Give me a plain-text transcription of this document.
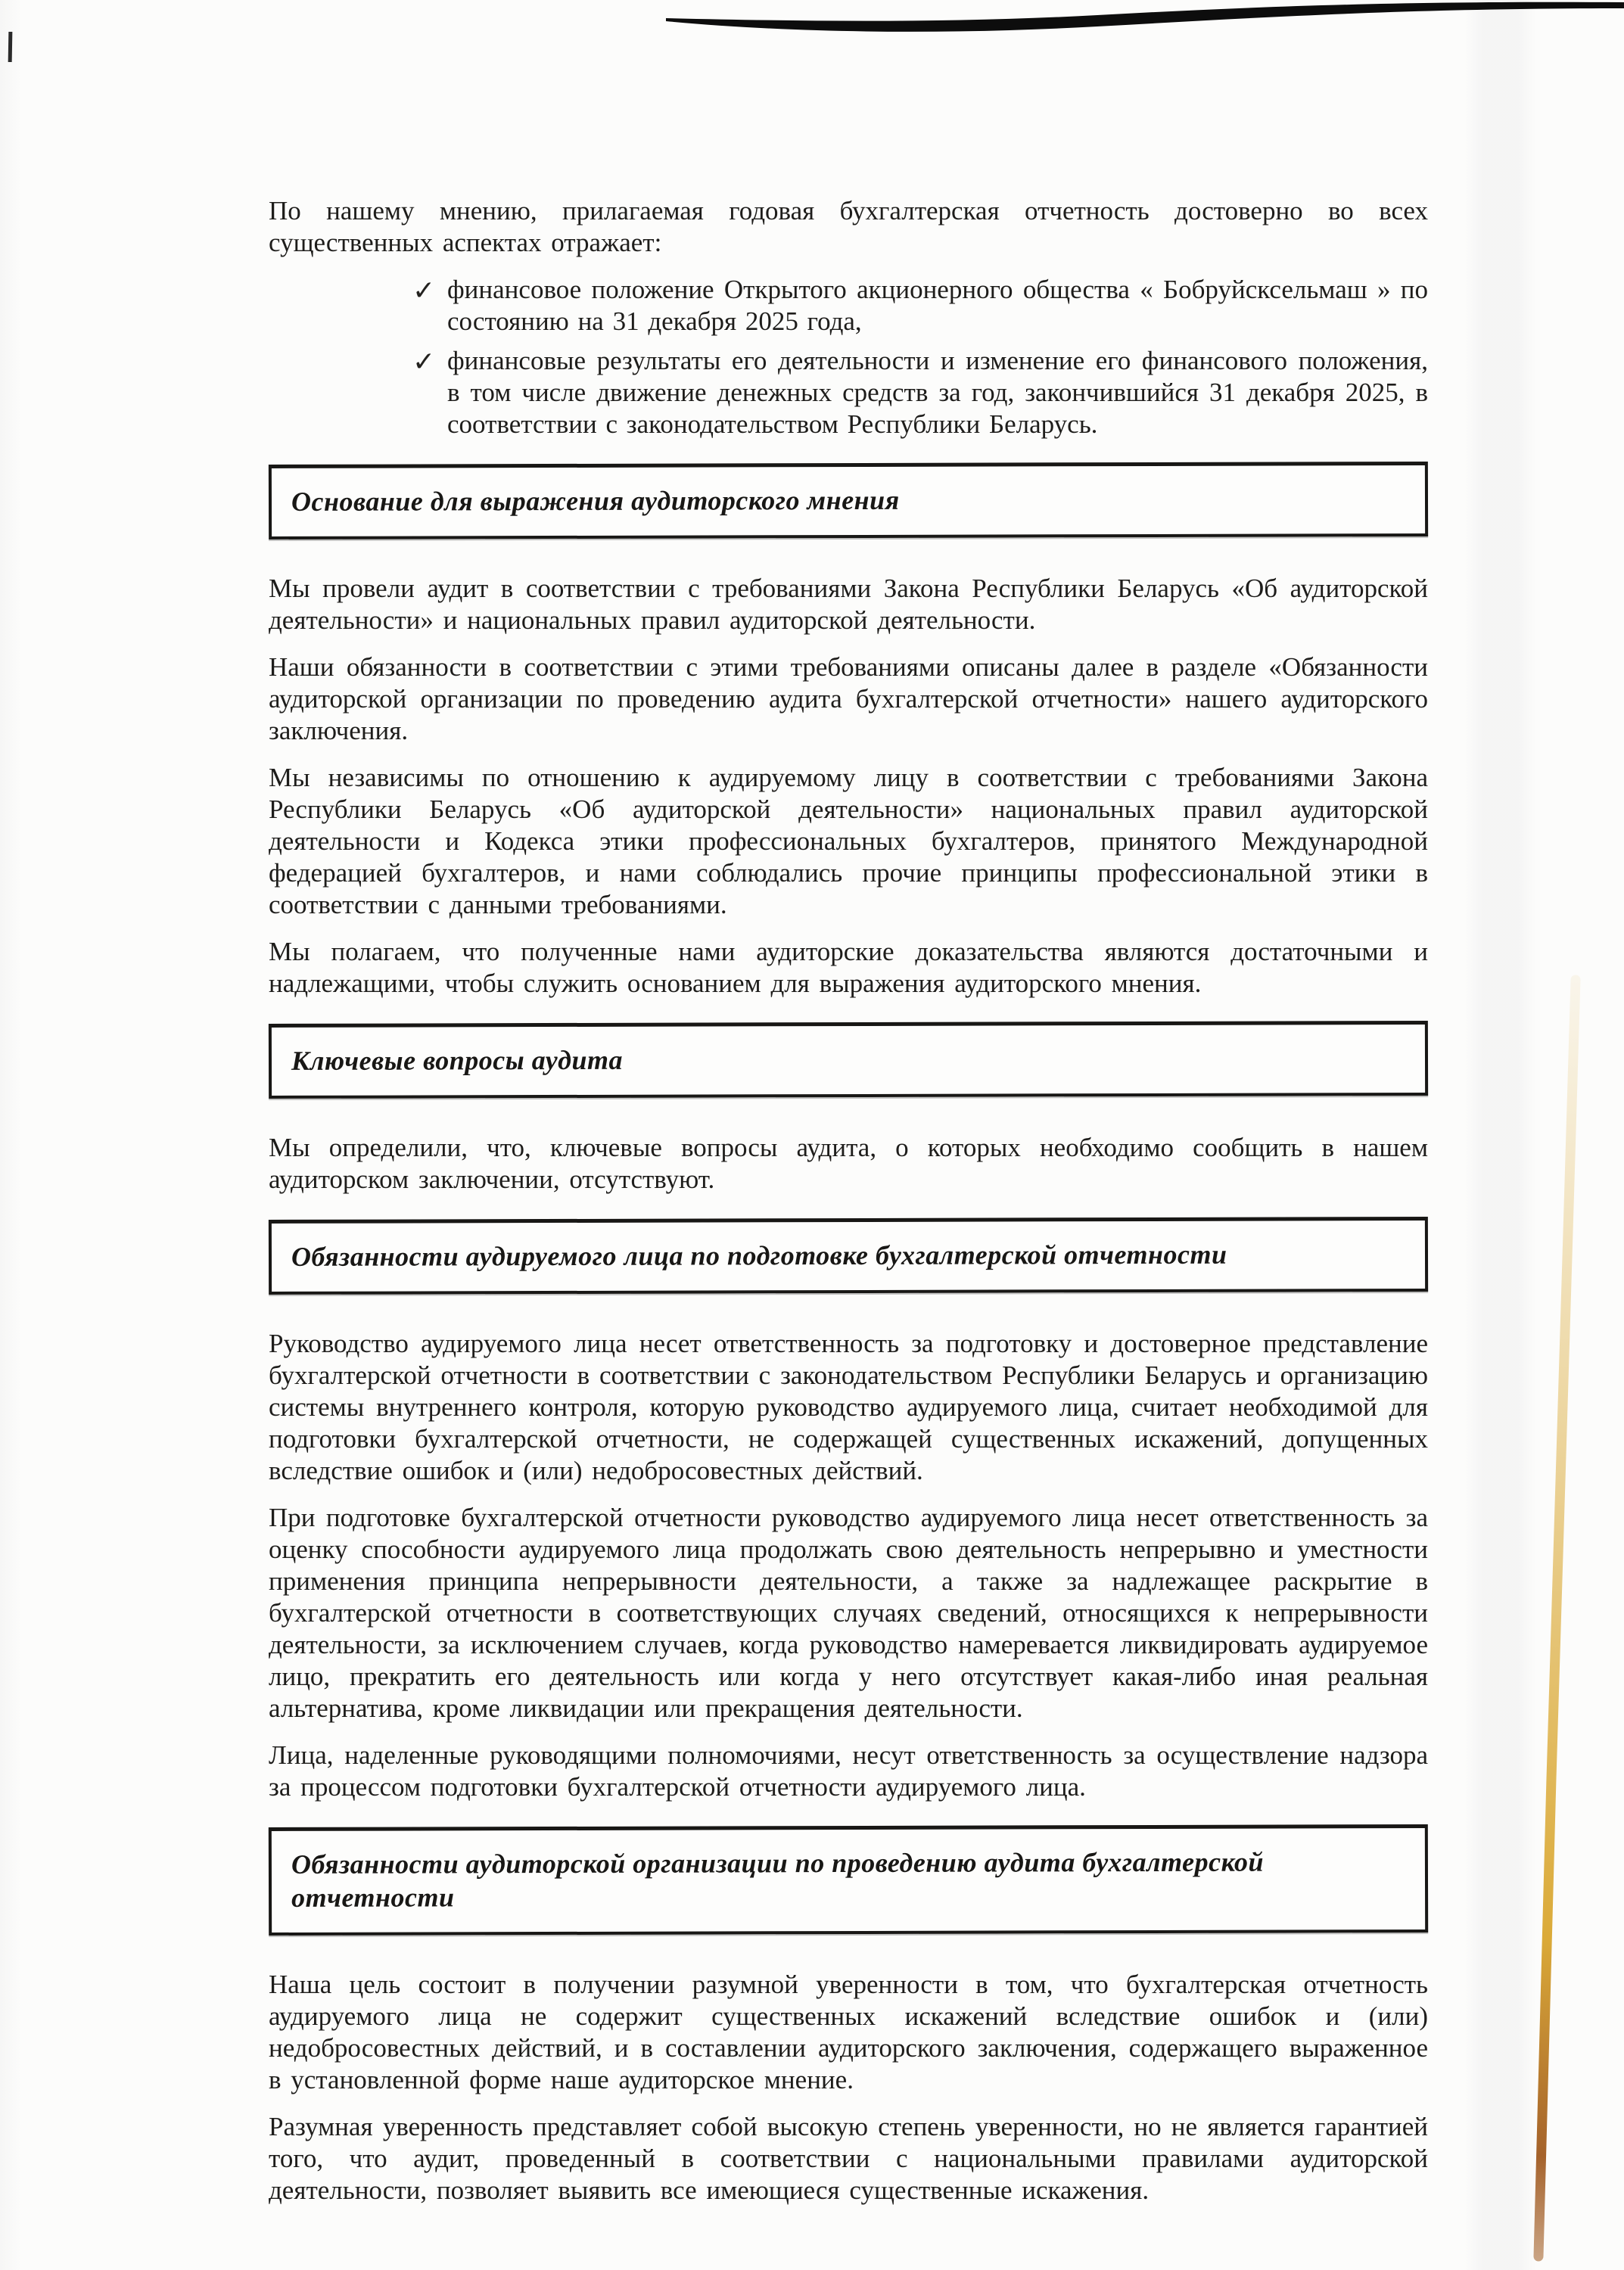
По нашему мнению, прилагаемая годовая бухгалтерская отчетность достоверно во всех существенных аспектах отражает:

✓ финансовое положение Открытого акционерного общества « Бобруйсксельмаш » по состоянию на 31 декабря 2025 года,
✓ финансовые результаты его деятельности и изменение его финансового положения, в том числе движение денежных средств за год, закончившийся 31 декабря 2025, в соответствии с законодательством Республики Беларусь.
Основание для выражения аудиторского мнения

Мы провели аудит в соответствии с требованиями Закона Республики Беларусь «Об аудиторской деятельности» и национальных правил аудиторской деятельности.

Наши обязанности в соответствии с этими требованиями описаны далее в разделе «Обязанности аудиторской организации по проведению аудита бухгалтерской отчетности» нашего аудиторского заключения.

Мы независимы по отношению к аудируемому лицу в соответствии с требованиями Закона Республики Беларусь «Об аудиторской деятельности» национальных правил аудиторской деятельности и Кодекса этики профессиональных бухгалтеров, принятого Международной федерацией бухгалтеров, и нами соблюдались прочие принципы профессиональной этики в соответствии с данными требованиями.

Мы полагаем, что полученные нами аудиторские доказательства являются достаточными и надлежащими, чтобы служить основанием для выражения аудиторского мнения.

Ключевые вопросы аудита

Мы определили, что, ключевые вопросы аудита, о которых необходимо сообщить в нашем аудиторском заключении, отсутствуют.

Обязанности аудируемого лица по подготовке бухгалтерской отчетности

Руководство аудируемого лица несет ответственность за подготовку и достоверное представление бухгалтерской отчетности в соответствии с законодательством Республики Беларусь и организацию системы внутреннего контроля, которую руководство аудируемого лица, считает необходимой для подготовки бухгалтерской отчетности, не содержащей существенных искажений, допущенных вследствие ошибок и (или) недобросовестных действий.

При подготовке бухгалтерской отчетности руководство аудируемого лица несет ответственность за оценку способности аудируемого лица продолжать свою деятельность непрерывно и уместности применения принципа непрерывности деятельности, а также за надлежащее раскрытие в бухгалтерской отчетности в соответствующих случаях сведений, относящихся к непрерывности деятельности, за исключением случаев, когда руководство намеревается ликвидировать аудируемое лицо, прекратить его деятельность или когда у него отсутствует какая-либо иная реальная альтернатива, кроме ликвидации или прекращения деятельности.

Лица, наделенные руководящими полномочиями, несут ответственность за осуществление надзора за процессом подготовки бухгалтерской отчетности аудируемого лица.

Обязанности аудиторской организации по проведению аудита бухгалтерской отчетности

Наша цель состоит в получении разумной уверенности в том, что бухгалтерская отчетность аудируемого лица не содержит существенных искажений вследствие ошибок и (или) недобросовестных действий, и в составлении аудиторского заключения, содержащего выраженное в установленной форме наше аудиторское мнение.

Разумная уверенность представляет собой высокую степень уверенности, но не является гарантией того, что аудит, проведенный в соответствии с национальными правилами аудиторской деятельности, позволяет выявить все имеющиеся существенные искажения.
